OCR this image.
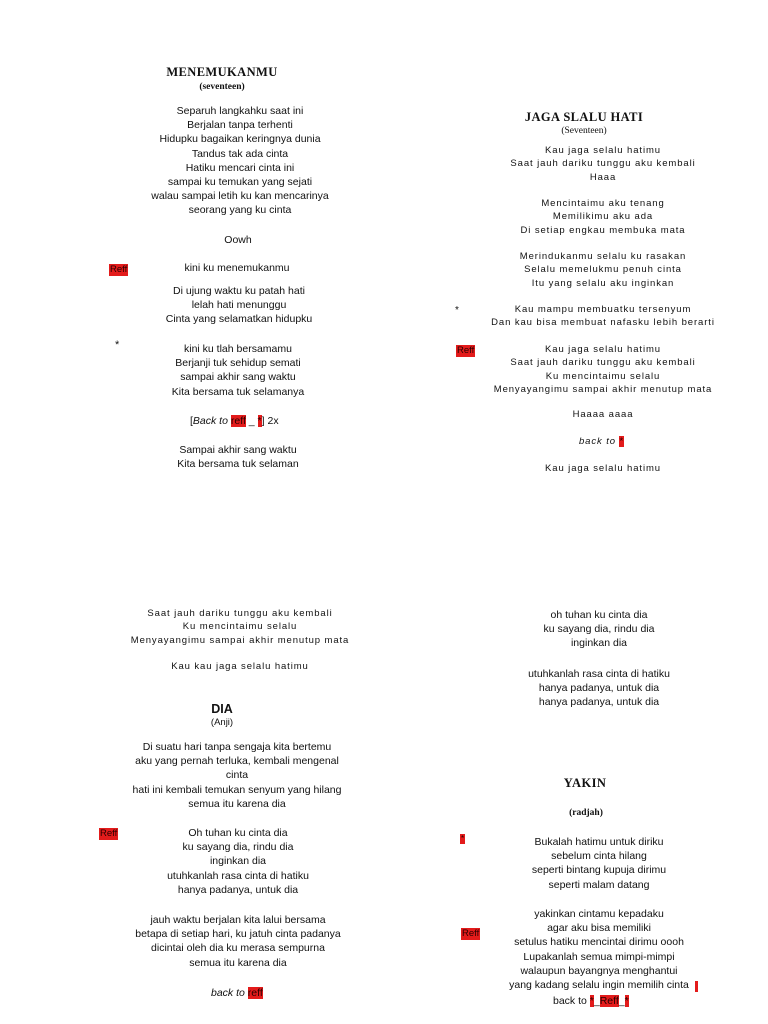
MENEMUKANMU
(seventeen)
Separuh langkahku saat ini
Berjalan tanpa terhenti
Hidupku bagaikan keringnya dunia
Tandus tak ada cinta
Hatiku mencari cinta ini
sampai ku temukan yang sejati
walau sampai letih ku kan mencarinya
seorang yang ku cinta
Oowh
Reff	kini ku menemukanmu
Di ujung waktu ku patah hati
lelah hati menunggu
Cinta yang selamatkan hidupku
*	kini ku tlah bersamamu
Berjanji tuk sehidup semati
sampai akhir sang waktu
Kita bersama tuk selamanya
[Back to reff _ *] 2x
Sampai akhir sang waktu
Kita bersama tuk selaman
JAGA SLALU HATI
(Seventeen)
Kau jaga selalu hatimu
Saat jauh dariku tunggu aku kembali
Haaa
Mencintaimu aku tenang
Memilikimu aku ada
Di setiap engkau membuka mata
Merindukanmu selalu ku rasakan
Selalu memelukmu penuh cinta
Itu yang selalu aku inginkan
*	Kau mampu membuatku tersenyum
Dan kau bisa membuat nafasku lebih berarti
Reff	Kau jaga selalu hatimu
Saat jauh dariku tunggu aku kembali
Ku mencintaimu selalu
Menyayangimu sampai akhir menutup mata
Haaaa aaaa
back to *
Kau jaga selalu hatimu
Saat jauh dariku tunggu aku kembali
Ku mencintaimu selalu
Menyayangimu sampai akhir menutup mata
Kau kau jaga selalu hatimu
DIA
(Anji)
Di suatu hari tanpa sengaja kita bertemu
aku yang pernah terluka, kembali mengenal
cinta
hati ini kembali temukan senyum yang hilang
semua itu karena dia
Reff	Oh tuhan ku cinta dia
ku sayang dia, rindu dia
inginkan dia
utuhkanlah rasa cinta di hatiku
hanya padanya, untuk dia
jauh waktu berjalan kita lalui bersama
betapa di setiap hari, ku jatuh cinta padanya
dicintai oleh dia ku merasa sempurna
semua itu karena dia
back to reff
oh tuhan ku cinta dia
ku sayang dia, rindu dia
inginkan dia
utuhkanlah rasa cinta di hatiku
hanya padanya, untuk dia
hanya padanya, untuk dia
YAKIN
(radjah)
*	Bukalah hatimu untuk diriku
sebelum cinta hilang
seperti bintang kupuja dirimu
seperti malam datang
Reff
yakinkan cintamu kepadaku
agar aku bisa memiliki
setulus hatiku mencintai dirimu oooh
Lupakanlah semua mimpi-mimpi
walaupun bayangnya menghantui
yang kadang selalu ingin memilih cinta
back to *_Reff_*
